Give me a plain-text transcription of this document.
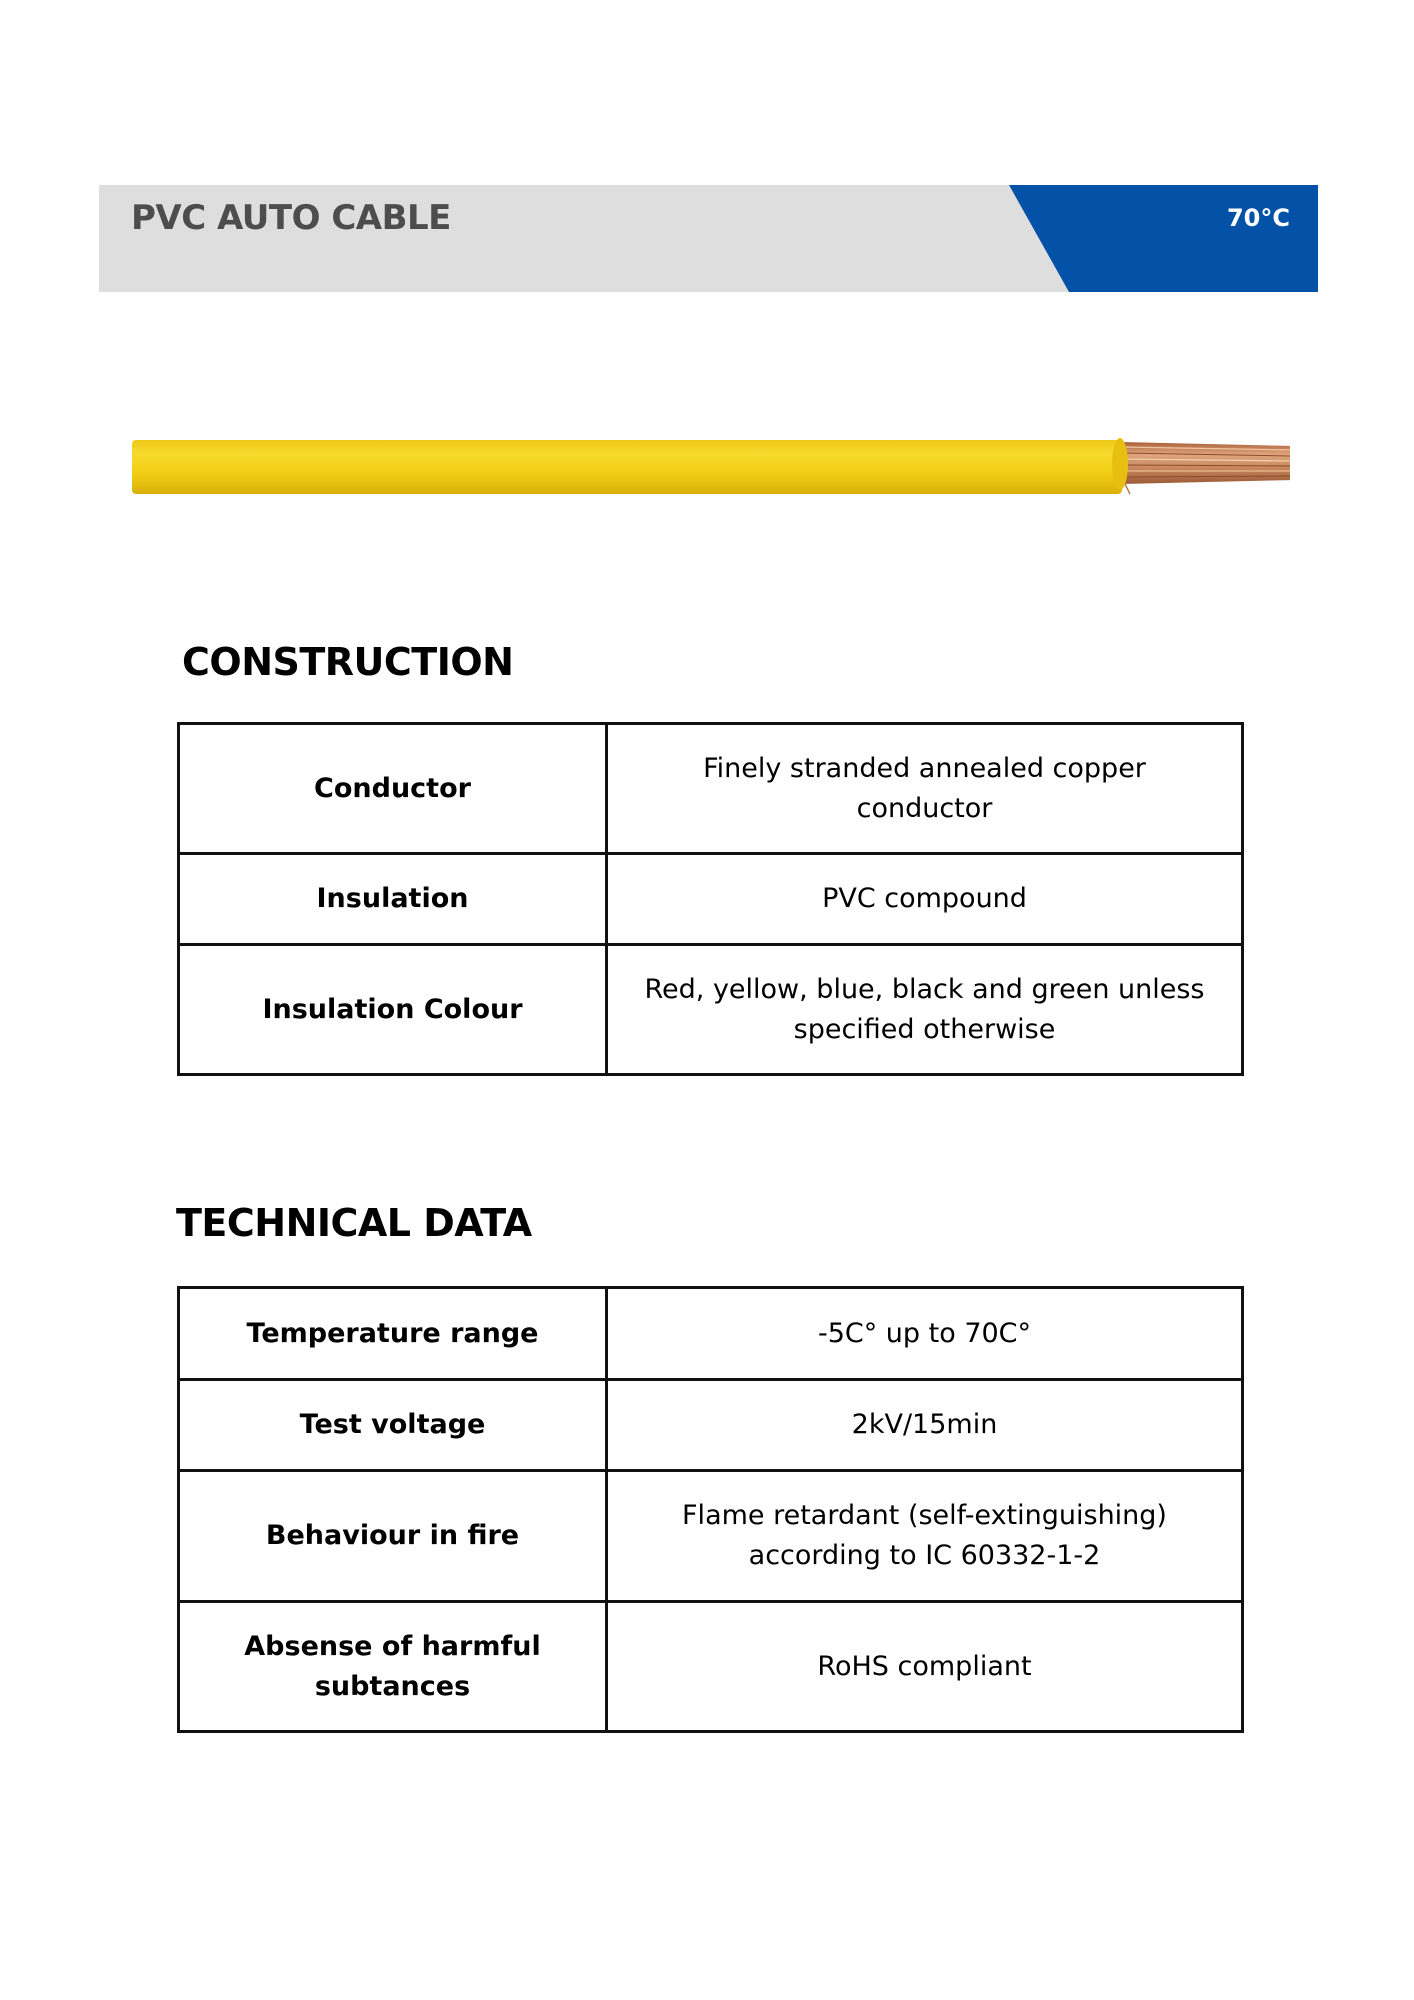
PVC AUTO CABLE	70°C
CONSTRUCTION
Conductor	Finely stranded annealed copper conductor
Insulation	PVC compound
Insulation Colour	Red, yellow, blue, black and green unless specified otherwise
TECHNICAL DATA
Temperature range	-5C° up to 70C°
Test voltage	2kV/15min
Behaviour in fire	Flame retardant (self-extinguishing) according to IC 60332-1-2
Absense of harmful subtances	RoHS compliant
